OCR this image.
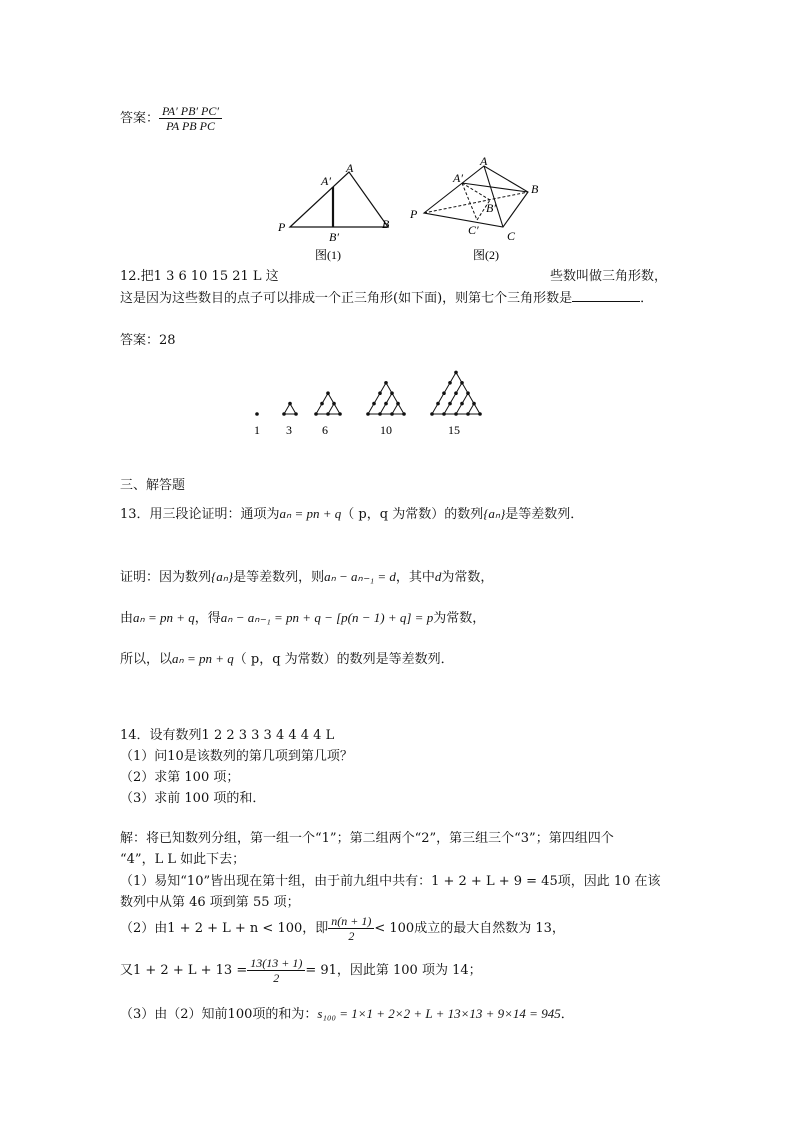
答案： $\frac{PA' PB' PC'}{\text{PA PB PC}}$
A
A′
P	B
B′
图(1)
A
A′
B
B′
P
C′ C
图(2)
12.把1 3 6 10 15 21 L 这	些数叫做三角形数，
这是因为这些数目的点子可以排成一个正三角形(如下面)，则第七个三角形数是	．
答案：28
1 3	6	10	15
三、解答题
13．用三段论证明：通项为aₙ = pn + q（ p，q 为常数）的数列{aₙ}是等差数列．
证明：因为数列{aₙ}是等差数列，则aₙ − aₙ₋₁ = d，其中d为常数，
由aₙ = pn + q，得aₙ − aₙ₋₁ = pn + q − [p(n − 1) + q] = p为常数，
所以，以aₙ = pn + q（ p，q 为常数）的数列是等差数列．
14．设有数列1 2 2 3 3 3 4 4 4 4 L
（1）问10是该数列的第几项到第几项？
（2）求第 100 项；
（3）求前 100 项的和．
解：将已知数列分组，第一组一个“1”；第二组两个“2”，第三组三个“3”；第四组四个
“4”，L L 如此下去；
（1）易知“10”皆出现在第十组，由于前九组中共有：1 + 2 + L + 9 = 45项，因此 10 在该
数列中从第 46 项到第 55 项；
（2）由1 + 2 + L + n < 100，即 $\frac{n(n + 1)}{2} < 100$成立的最大自然数为 13，
又$1 + 2 + L + 13 = \frac{13(13 + 1)}{2} = 91$，因此第 100 项为 14；
（3）由（2）知前100项的和为：s₁₀₀ = 1×1 + 2×2 + L + 13×13 + 9×14 = 945．
